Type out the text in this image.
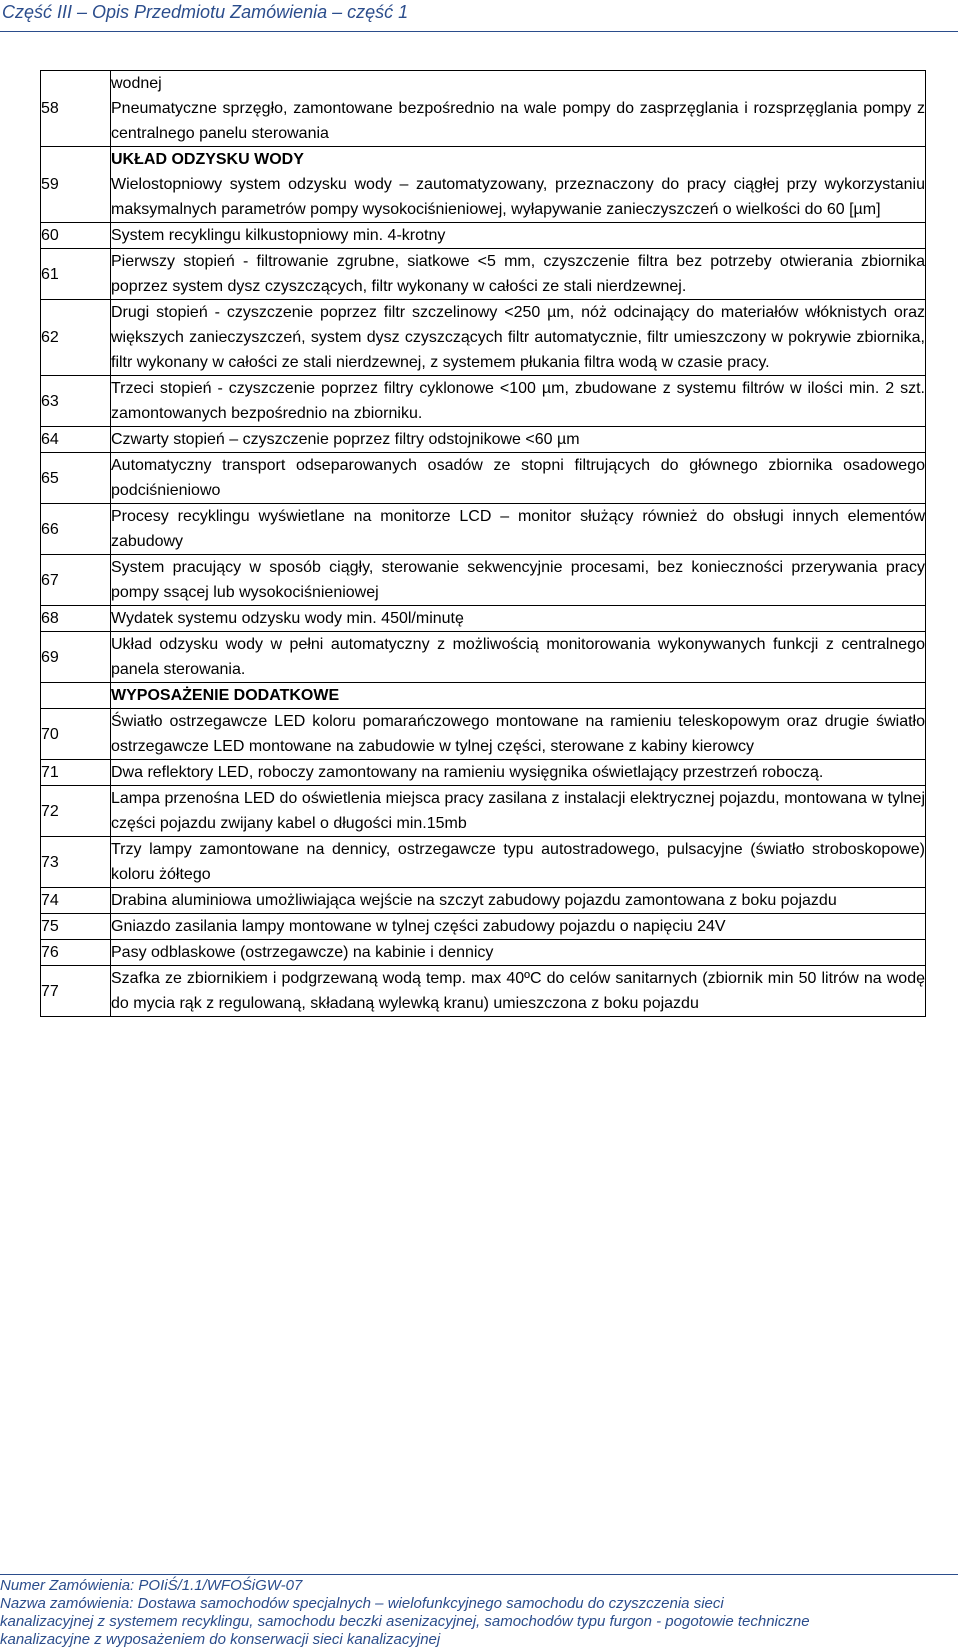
Część III – Opis Przedmiotu Zamówienia – część 1
58	wodnej
Pneumatyczne sprzęgło, zamontowane bezpośrednio na wale pompy do zasprzęglania i rozsprzęglania pompy z centralnego panelu sterowania

59	UKŁAD ODZYSKU WODY
Wielostopniowy system odzysku wody – zautomatyzowany, przeznaczony do pracy ciągłej przy wykorzystaniu maksymalnych parametrów pompy wysokociśnieniowej, wyłapywanie zanieczyszczeń o wielkości do 60 [µm]

60	System recyklingu kilkustopniowy min. 4-krotny

61	Pierwszy stopień - filtrowanie zgrubne, siatkowe <5 mm, czyszczenie filtra bez potrzeby otwierania zbiornika poprzez system dysz czyszczących, filtr wykonany w całości ze stali nierdzewnej.

62	Drugi stopień - czyszczenie poprzez filtr szczelinowy <250 µm, nóż odcinający do materiałów włóknistych oraz większych zanieczyszczeń, system dysz czyszczących filtr automatycznie, filtr umieszczony w pokrywie zbiornika, filtr wykonany w całości ze stali nierdzewnej, z systemem płukania filtra wodą w czasie pracy.

63	Trzeci stopień - czyszczenie poprzez filtry cyklonowe <100 µm, zbudowane z systemu filtrów w ilości min. 2 szt. zamontowanych bezpośrednio na zbiorniku.

64	Czwarty stopień – czyszczenie poprzez filtry odstojnikowe <60 µm

65	Automatyczny transport odseparowanych osadów ze stopni filtrujących do głównego zbiornika osadowego podciśnieniowo

66	Procesy recyklingu wyświetlane na monitorze LCD – monitor służący również do obsługi innych elementów zabudowy

67	System pracujący w sposób ciągły, sterowanie sekwencyjnie procesami, bez konieczności przerywania pracy pompy ssącej lub wysokociśnieniowej

68	Wydatek systemu odzysku wody min. 450l/minutę

69	Układ odzysku wody w pełni automatyczny z możliwością monitorowania wykonywanych funkcji z centralnego panela sterowania.

	WYPOSAŻENIE DODATKOWE

70	Światło ostrzegawcze LED koloru pomarańczowego montowane na ramieniu teleskopowym oraz drugie światło ostrzegawcze LED montowane na zabudowie w tylnej części, sterowane z kabiny kierowcy

71	Dwa reflektory LED, roboczy zamontowany na ramieniu wysięgnika oświetlający przestrzeń roboczą.

72	Lampa przenośna LED do oświetlenia miejsca pracy zasilana z instalacji elektrycznej pojazdu, montowana w tylnej części pojazdu zwijany kabel o długości min.15mb

73	Trzy lampy zamontowane na dennicy, ostrzegawcze typu autostradowego, pulsacyjne (światło stroboskopowe) koloru żółtego

74	Drabina aluminiowa umożliwiająca wejście na szczyt zabudowy pojazdu zamontowana z boku pojazdu

75	Gniazdo zasilania lampy montowane w tylnej części zabudowy pojazdu o napięciu 24V

76	Pasy odblaskowe (ostrzegawcze) na kabinie i dennicy

77	Szafka ze zbiornikiem i podgrzewaną wodą temp. max 40ºC do celów sanitarnych (zbiornik min 50 litrów na wodę do mycia rąk z regulowaną, składaną wylewką kranu) umieszczona z boku pojazdu
Numer Zamówienia: POIiŚ/1.1/WFOŚiGW-07
Nazwa zamówienia: Dostawa samochodów specjalnych – wielofunkcyjnego samochodu do czyszczenia sieci
kanalizacyjnej z systemem recyklingu, samochodu beczki asenizacyjnej, samochodów typu furgon - pogotowie techniczne
kanalizacyjne z wyposażeniem do konserwacji sieci kanalizacyjnej
